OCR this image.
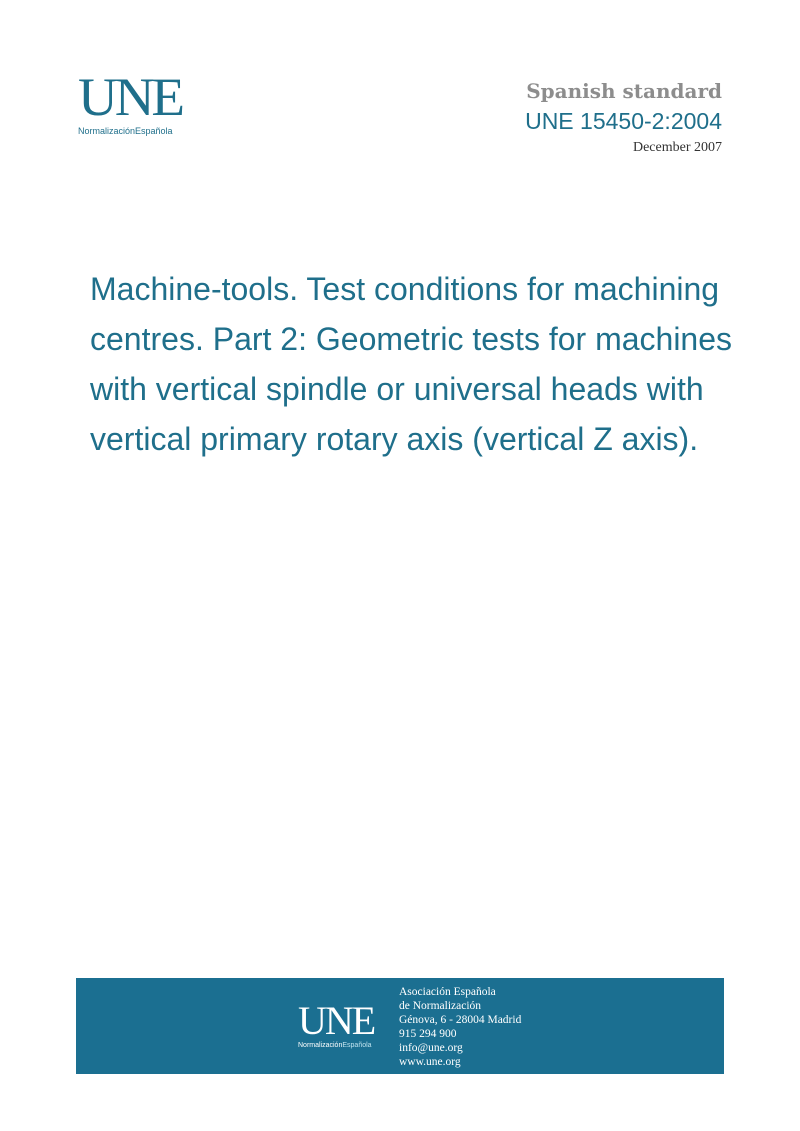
UNE
NormalizaciónEspañola
Spanish standard
UNE 15450-2:2004
December 2007
Machine-tools. Test conditions for machining centres. Part 2: Geometric tests for machines with vertical spindle or universal heads with vertical primary rotary axis (vertical Z axis).
UNE
NormalizaciónEspañola
Asociación Española
de Normalización
Génova, 6 - 28004 Madrid
915 294 900
info@une.org
www.une.org
